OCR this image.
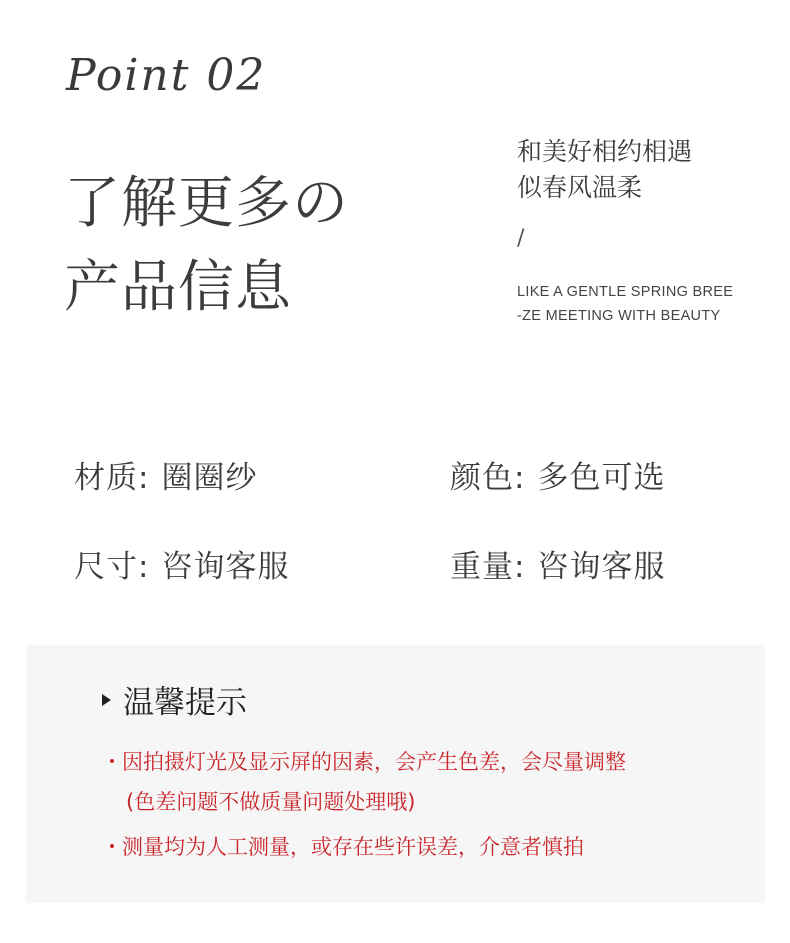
Point 02
了解更多の
产品信息
和美好相约相遇
似春风温柔
/
LIKE A GENTLE SPRING BREE
-ZE MEETING WITH BEAUTY
材质: 圈圈纱	颜色: 多色可选
尺寸: 咨询客服	重量: 咨询客服
温馨提示
因拍摄灯光及显示屏的因素，会产生色差，会尽量调整
(色差问题不做质量问题处理哦)
测量均为人工测量，或存在些许误差，介意者慎拍
